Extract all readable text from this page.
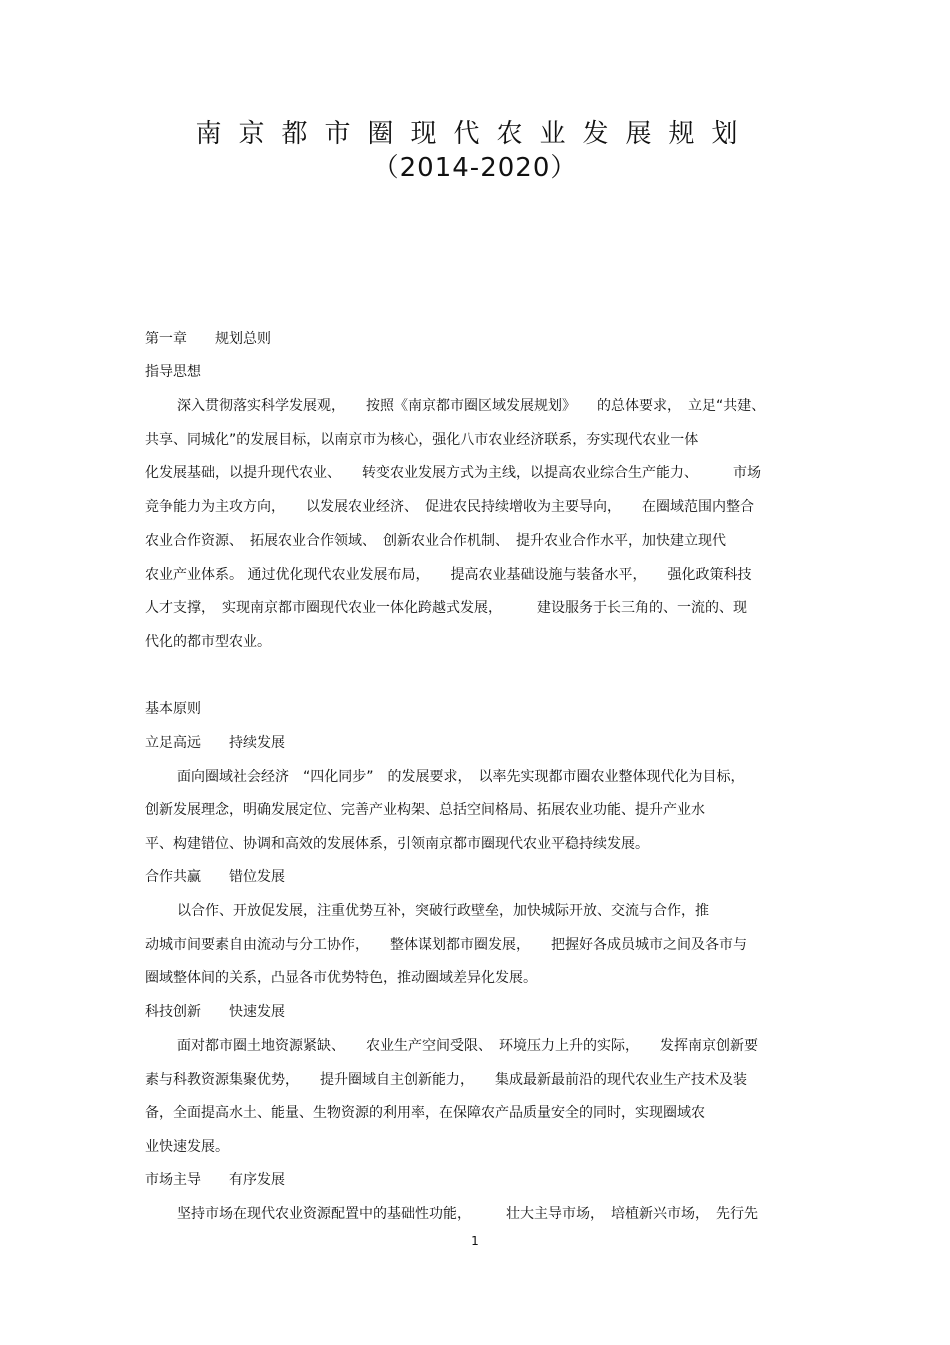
南京都市圈现代农业发展规划
（2014-2020）
第一章　　规划总则
指导思想
深入贯彻落实科学发展观，　　按照《南京都市圈区域发展规划》　　的总体要求，　立足“共建、
共享、同城化”的发展目标，以南京市为核心，强化八市农业经济联系，夯实现代农业一体
化发展基础，以提升现代农业、　　转变农业发展方式为主线，以提高农业综合生产能力、　　　市场
竞争能力为主攻方向，　　以发展农业经济、　促进农民持续增收为主要导向，　　在圈域范围内整合
农业合作资源、　拓展农业合作领域、　创新农业合作机制、　提升农业合作水平，加快建立现代
农业产业体系。 通过优化现代农业发展布局，　　提高农业基础设施与装备水平，　　强化政策科技
人才支撑，　实现南京都市圈现代农业一体化跨越式发展，　　　建设服务于长三角的、一流的、现
代化的都市型农业。
基本原则
立足高远　　持续发展
面向圈域社会经济　“四化同步”　的发展要求，　以率先实现都市圈农业整体现代化为目标，
创新发展理念，明确发展定位、完善产业构架、总括空间格局、拓展农业功能、提升产业水
平、构建错位、协调和高效的发展体系，引领南京都市圈现代农业平稳持续发展。
合作共赢　　错位发展
以合作、开放促发展，注重优势互补，突破行政壁垒，加快城际开放、交流与合作，推
动城市间要素自由流动与分工协作，　　整体谋划都市圈发展，　　把握好各成员城市之间及各市与
圈域整体间的关系，凸显各市优势特色，推动圈域差异化发展。
科技创新　　快速发展
面对都市圈土地资源紧缺、　　农业生产空间受限、　环境压力上升的实际，　　发挥南京创新要
素与科教资源集聚优势，　　提升圈域自主创新能力，　　集成最新最前沿的现代农业生产技术及装
备，全面提高水土、能量、生物资源的利用率，在保障农产品质量安全的同时，实现圈域农
业快速发展。
市场主导　　有序发展
坚持市场在现代农业资源配置中的基础性功能，　　　壮大主导市场，　培植新兴市场，　先行先
1
